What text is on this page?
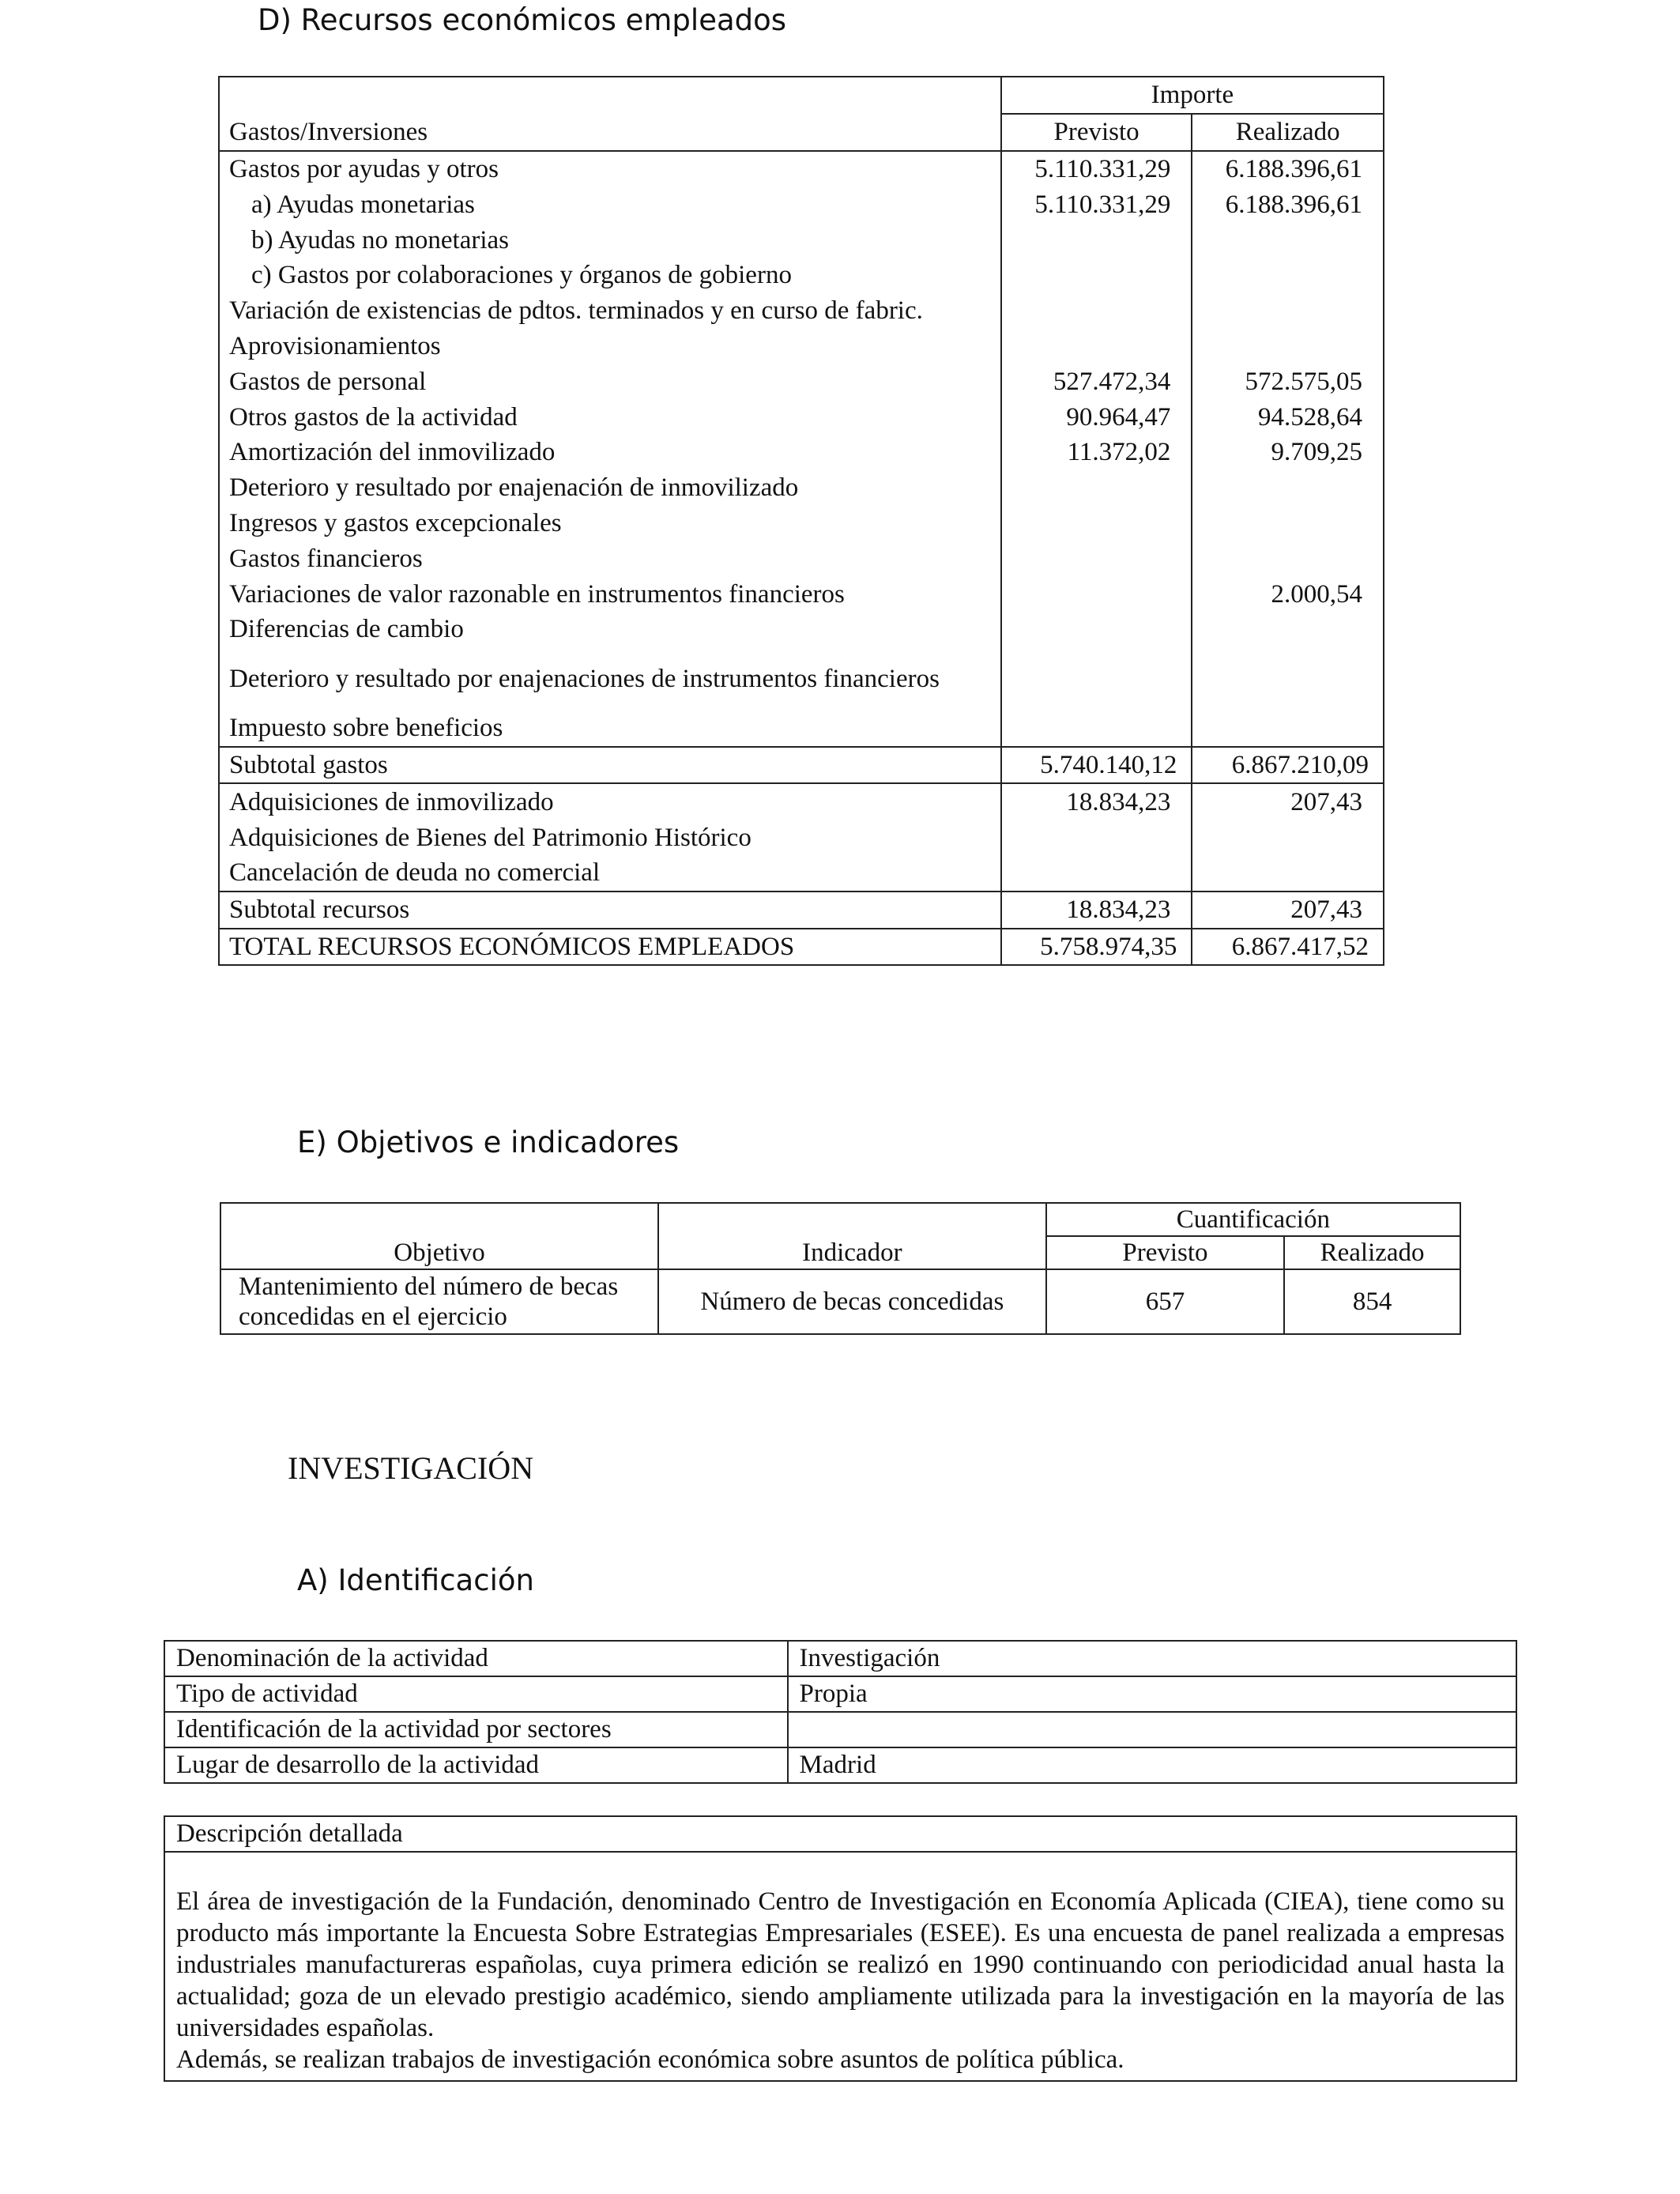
D) Recursos económicos empleados
	Importe	
Gastos/Inversiones	Previsto	Realizado
Gastos por ayudas y otros	5.110.331,29	6.188.396,61
a) Ayudas monetarias	5.110.331,29	6.188.396,61
b) Ayudas no monetarias		
c) Gastos por colaboraciones y órganos de gobierno		
Variación de existencias de pdtos. terminados y en curso de fabric.		
Aprovisionamientos		
Gastos de personal	527.472,34	572.575,05
Otros gastos de la actividad	90.964,47	94.528,64
Amortización del inmovilizado	11.372,02	9.709,25
Deterioro y resultado por enajenación de inmovilizado		
Ingresos y gastos excepcionales		
Gastos financieros		
Variaciones de valor razonable en instrumentos financieros		2.000,54
Diferencias de cambio		
Deterioro y resultado por enajenaciones de instrumentos financieros		
Impuesto sobre beneficios		
Subtotal gastos	5.740.140,12	6.867.210,09
Adquisiciones de inmovilizado	18.834,23	207,43
Adquisiciones de Bienes del Patrimonio Histórico		
Cancelación de deuda no comercial		
Subtotal recursos	18.834,23	207,43
TOTAL RECURSOS ECONÓMICOS EMPLEADOS	5.758.974,35	6.867.417,52
E) Objetivos e indicadores
Objetivo	Indicador	Cuantificación	
		Previsto	Realizado
Mantenimiento del número de becas concedidas en el ejercicio	Número de becas concedidas	657	854
INVESTIGACIÓN
A) Identificación
Denominación de la actividad	Investigación
Tipo de actividad	Propia
Identificación de la actividad por sectores	
Lugar de desarrollo de la actividad	Madrid
Descripción detallada

El área de investigación de la Fundación, denominado Centro de Investigación en Economía Aplicada (CIEA), tiene como su producto más importante la Encuesta Sobre Estrategias Empresariales (ESEE). Es una encuesta de panel realizada a empresas industriales manufactureras españolas, cuya primera edición se realizó en 1990 continuando con periodicidad anual hasta la actualidad; goza de un elevado prestigio académico, siendo ampliamente utilizada para la investigación en la mayoría de las universidades españolas.

Además, se realizan trabajos de investigación económica sobre asuntos de política pública.
